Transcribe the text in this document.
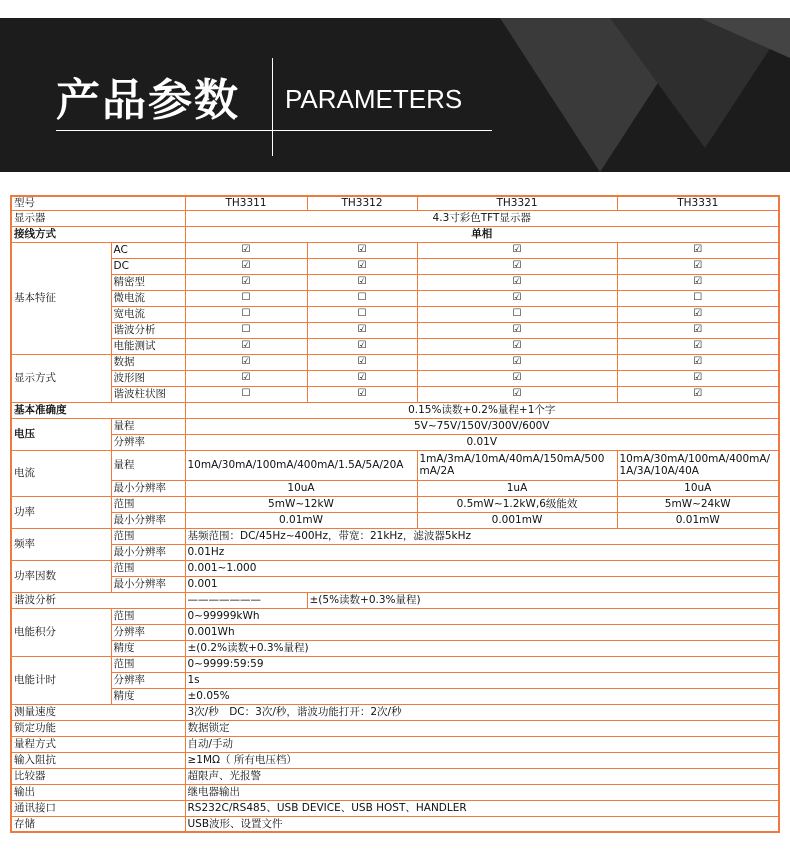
产品参数 PARAMETERS
型号		TH3311	TH3312	TH3321	TH3331
显示器		4.3寸彩色TFT显示器			
接线方式		单相			
基本特征	AC	☑	☑	☑	☑
	DC	☑	☑	☑	☑
	精密型	☑	☑	☑	☑
	微电流	☐	☐	☑	☐
	宽电流	☐	☐	☐	☑
	谐波分析	☐	☑	☑	☑
	电能测试	☑	☑	☑	☑
显示方式	数据	☑	☑	☑	☑
	波形图	☑	☑	☑	☑
	谐波柱状图	☐	☑	☑	☑
基本准确度		0.15%读数+0.2%量程+1个字			
电压	量程	5V~75V/150V/300V/600V			
	分辨率	0.01V			
电流	量程	10mA/30mA/100mA/400mA/1.5A/5A/20A		1mA/3mA/10mA/40mA/150mA/500mA/2A	10mA/30mA/100mA/400mA/1A/3A/10A/40A
	最小分辨率	10uA		1uA	10uA
功率	范围	5mW~12kW		0.5mW~1.2kW,6级能效	5mW~24kW
	最小分辨率	0.01mW		0.001mW	0.01mW
频率	范围	基频范围：DC/45Hz~400Hz，带宽：21kHz，滤波器5kHz			
	最小分辨率	0.01Hz			
功率因数	范围	0.001~1.000			
	最小分辨率	0.001			
谐波分析		———————	±(5%读数+0.3%量程)		
电能积分	范围	0~99999kWh			
	分辨率	0.001Wh			
	精度	±(0.2%读数+0.3%量程)			
电能计时	范围	0~9999:59:59			
	分辨率	1s			
	精度	±0.05%			
测量速度		3次/秒　DC：3次/秒，谐波功能打开：2次/秒			
锁定功能		数据锁定			
量程方式		自动/手动			
输入阻抗		≥1MΩ（ 所有电压档）			
比较器		超限声、光报警			
输出		继电器输出			
通讯接口		RS232C/RS485、USB DEVICE、USB HOST、HANDLER			
存储		USB波形、设置文件			
